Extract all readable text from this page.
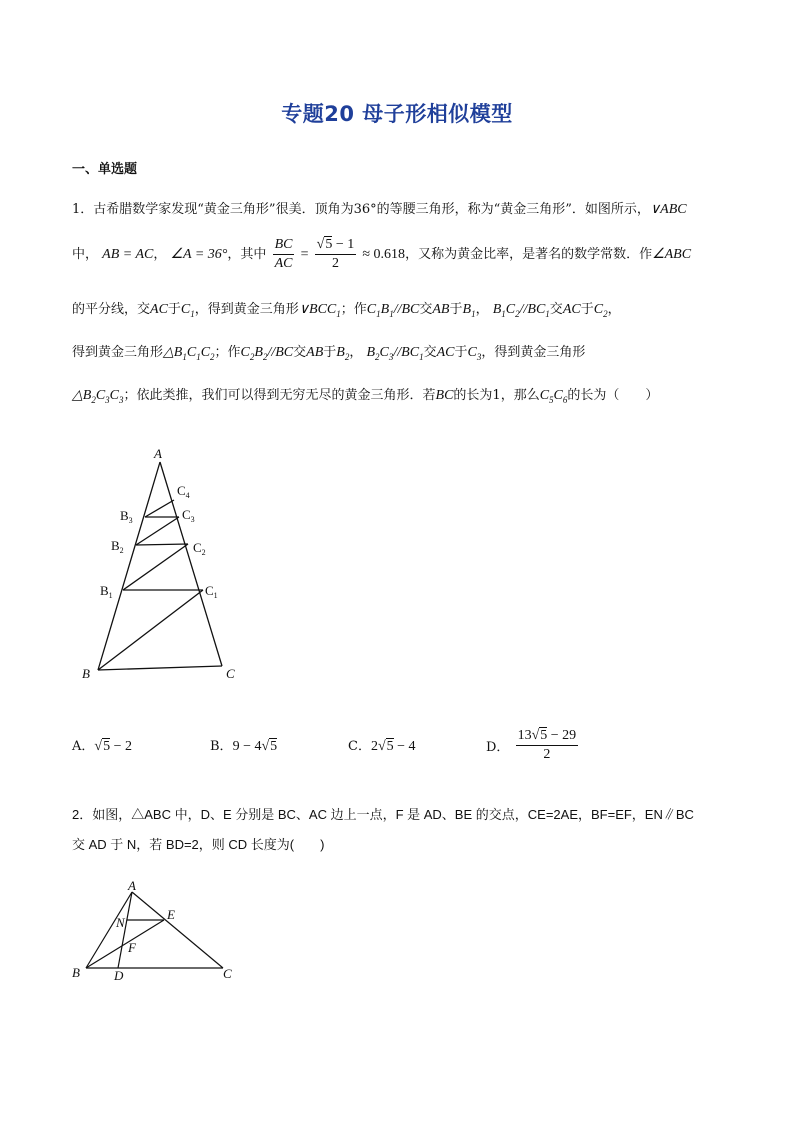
专题20 母子形相似模型
一、单选题
1．古希腊数学家发现“黄金三角形”很美．顶角为36°的等腰三角形，称为“黄金三角形”．如图所示，∨ABC
中， AB = AC， ∠A = 36°，其中 $\frac{BC}{AC} = \frac{√5 - 1}{2} \approx 0.618$，又称为黄金比率，是著名的数学常数．作∠ABC
的平分线，交AC于$C_1$，得到黄金三角形$\vee BCC_1$；作$C_1B_1//BC$交AB于$B_1$， $B_1C_2//BC_1$交AC于$C_2$，
得到黄金三角形$\triangle B_1C_1C_2$；作$C_2B_2//BC$交AB于$B_2$， $B_2C_3//BC_1$交AC于$C_3$，得到黄金三角形
$\triangle B_2C_3C_3$；依此类推，我们可以得到无穷无尽的黄金三角形．若BC的长为1，那么$C_5C_6$的长为（　　）
A
B	C
$B_1$
$B_2$
$B_3$
$C_1$
$C_2$
$C_3$
$C_4$
A．√5 − 2	B．9 − 4√5	C．2√5 − 4	D． $\frac{13√5 - 29}{2}$
2．如图，△ABC 中，D、E 分别是 BC、AC 边上一点，F 是 AD、BE 的交点，CE=2AE，BF=EF，EN∥BC
交 AD 于 N，若 BD=2，则 CD 长度为(　　)
A
N
E
F
B	D	C
